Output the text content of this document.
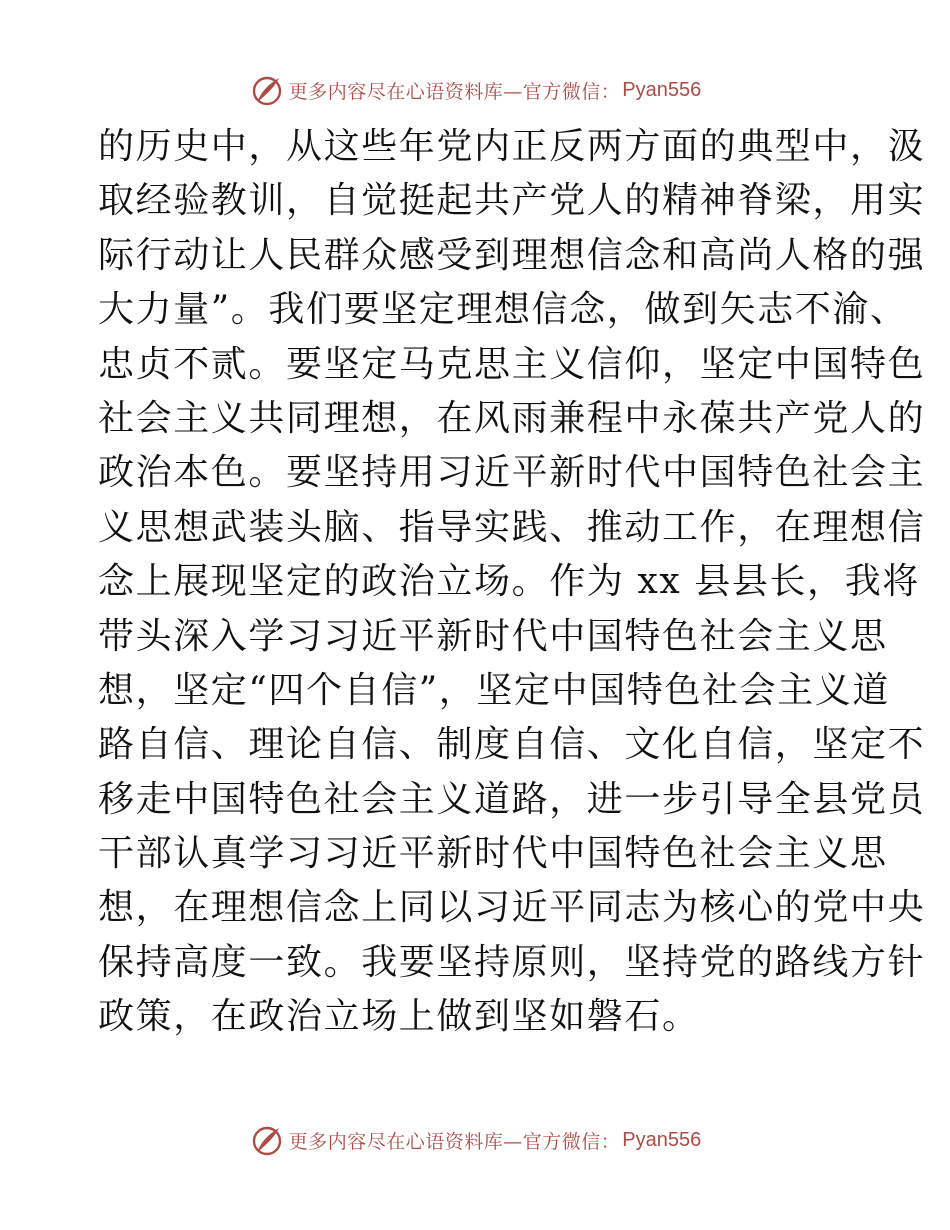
更多内容尽在心语资料库—官方微信： Pyan556
的历史中，从这些年党内正反两方面的典型中，汲
取经验教训，自觉挺起共产党人的精神脊梁，用实
际行动让人民群众感受到理想信念和高尚人格的强
大力量”。我们要坚定理想信念，做到矢志不渝、
忠贞不贰。要坚定马克思主义信仰，坚定中国特色
社会主义共同理想，在风雨兼程中永葆共产党人的
政治本色。要坚持用习近平新时代中国特色社会主
义思想武装头脑、指导实践、推动工作，在理想信
念上展现坚定的政治立场。作为 xx 县县长，我将
带头深入学习习近平新时代中国特色社会主义思
想，坚定“四个自信”，坚定中国特色社会主义道
路自信、理论自信、制度自信、文化自信，坚定不
移走中国特色社会主义道路，进一步引导全县党员
干部认真学习习近平新时代中国特色社会主义思
想，在理想信念上同以习近平同志为核心的党中央
保持高度一致。我要坚持原则，坚持党的路线方针
政策，在政治立场上做到坚如磐石。
更多内容尽在心语资料库—官方微信： Pyan556
